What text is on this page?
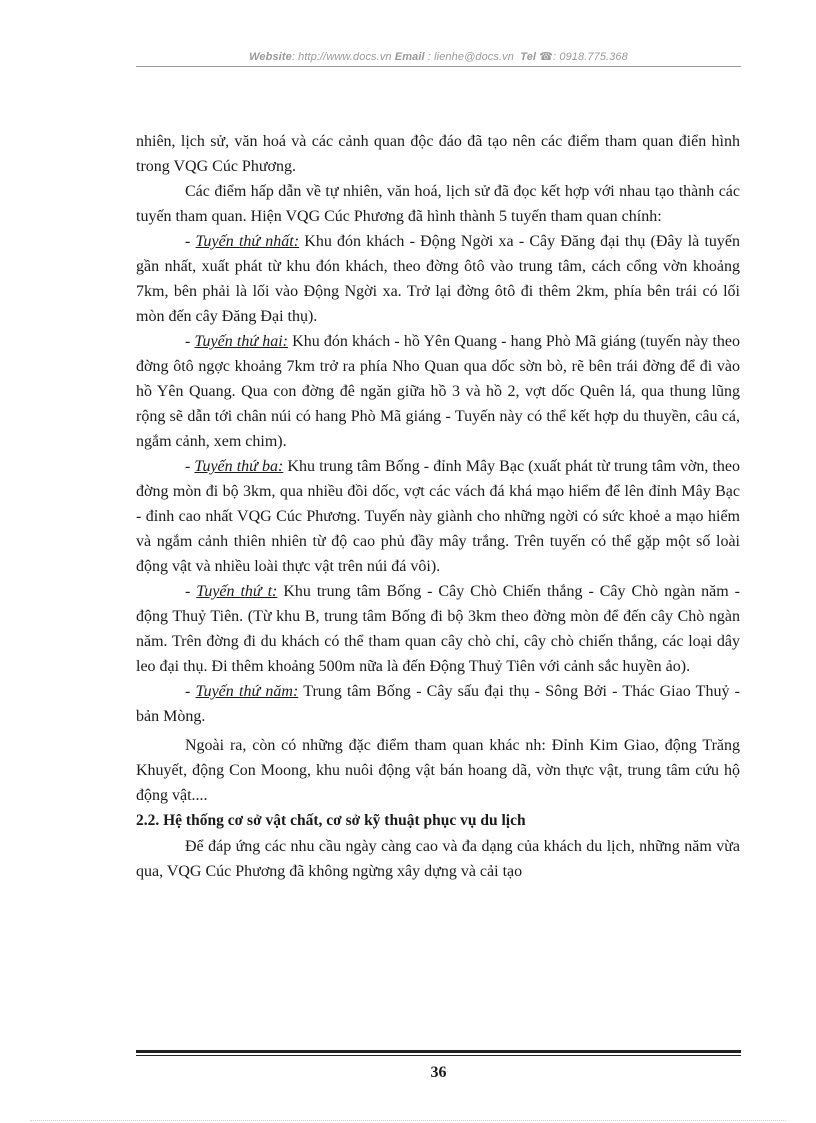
Website: http://www.docs.vn Email : lienhe@docs.vn Tel ☎: 0918.775.368

nhiên, lịch sử, văn hoá và các cảnh quan độc đáo đã tạo nên các điểm tham quan điển hình trong VQG Cúc Phương.

Các điểm hấp dẫn về tự nhiên, văn hoá, lịch sử đã đọc kết hợp với nhau tạo thành các tuyến tham quan. Hiện VQG Cúc Phương đã hình thành 5 tuyến tham quan chính:

- Tuyến thứ nhất: Khu đón khách - Động Ngời xa - Cây Đăng đại thụ (Đây là tuyến gần nhất, xuất phát từ khu đón khách, theo đờng ôtô vào trung tâm, cách cổng vờn khoảng 7km, bên phải là lối vào Động Ngời xa. Trở lại đờng ôtô đi thêm 2km, phía bên trái có lối mòn đến cây Đăng Đại thụ).

- Tuyến thứ hai: Khu đón khách - hồ Yên Quang - hang Phò Mã giáng (tuyến này theo đờng ôtô ngợc khoảng 7km trở ra phía Nho Quan qua dốc sờn bò, rẽ bên trái đờng để đi vào hồ Yên Quang. Qua con đờng đê ngăn giữa hồ 3 và hồ 2, vợt dốc Quên lá, qua thung lũng rộng sẽ dẫn tới chân núi có hang Phò Mã giáng - Tuyến này có thể kết hợp du thuyền, câu cá, ngắm cảnh, xem chim).

- Tuyến thứ ba: Khu trung tâm Bống - đỉnh Mây Bạc (xuất phát từ trung tâm vờn, theo đờng mòn đi bộ 3km, qua nhiều đồi dốc, vợt các vách đá khá mạo hiểm để lên đỉnh Mây Bạc - đỉnh cao nhất VQG Cúc Phương. Tuyến này giành cho những ngời có sức khoẻ a mạo hiểm và ngắm cảnh thiên nhiên từ độ cao phủ đầy mây trắng. Trên tuyến có thể gặp một số loài động vật và nhiều loài thực vật trên núi đá vôi).

- Tuyến thứ t: Khu trung tâm Bống - Cây Chò Chiến thắng - Cây Chò ngàn năm - động Thuỷ Tiên. (Từ khu B, trung tâm Bống đi bộ 3km theo đờng mòn để đến cây Chò ngàn năm. Trên đờng đi du khách có thể tham quan cây chò chỉ, cây chò chiến thắng, các loại dây leo đại thụ. Đi thêm khoảng 500m nữa là đến Động Thuỷ Tiên với cảnh sắc huyền ảo).

- Tuyến thứ năm: Trung tâm Bống - Cây sấu đại thụ - Sông Bởi - Thác Giao Thuỷ - bản Mòng.

Ngoài ra, còn có những đặc điểm tham quan khác nh: Đỉnh Kim Giao, động Trăng Khuyết, động Con Moong, khu nuôi động vật bán hoang dã, vờn thực vật, trung tâm cứu hộ động vật....

2.2. Hệ thống cơ sở vật chất, cơ sở kỹ thuật phục vụ du lịch

Để đáp ứng các nhu cầu ngày càng cao và đa dạng của khách du lịch, những năm vừa qua, VQG Cúc Phương đã không ngừng xây dựng và cải tạo

36
